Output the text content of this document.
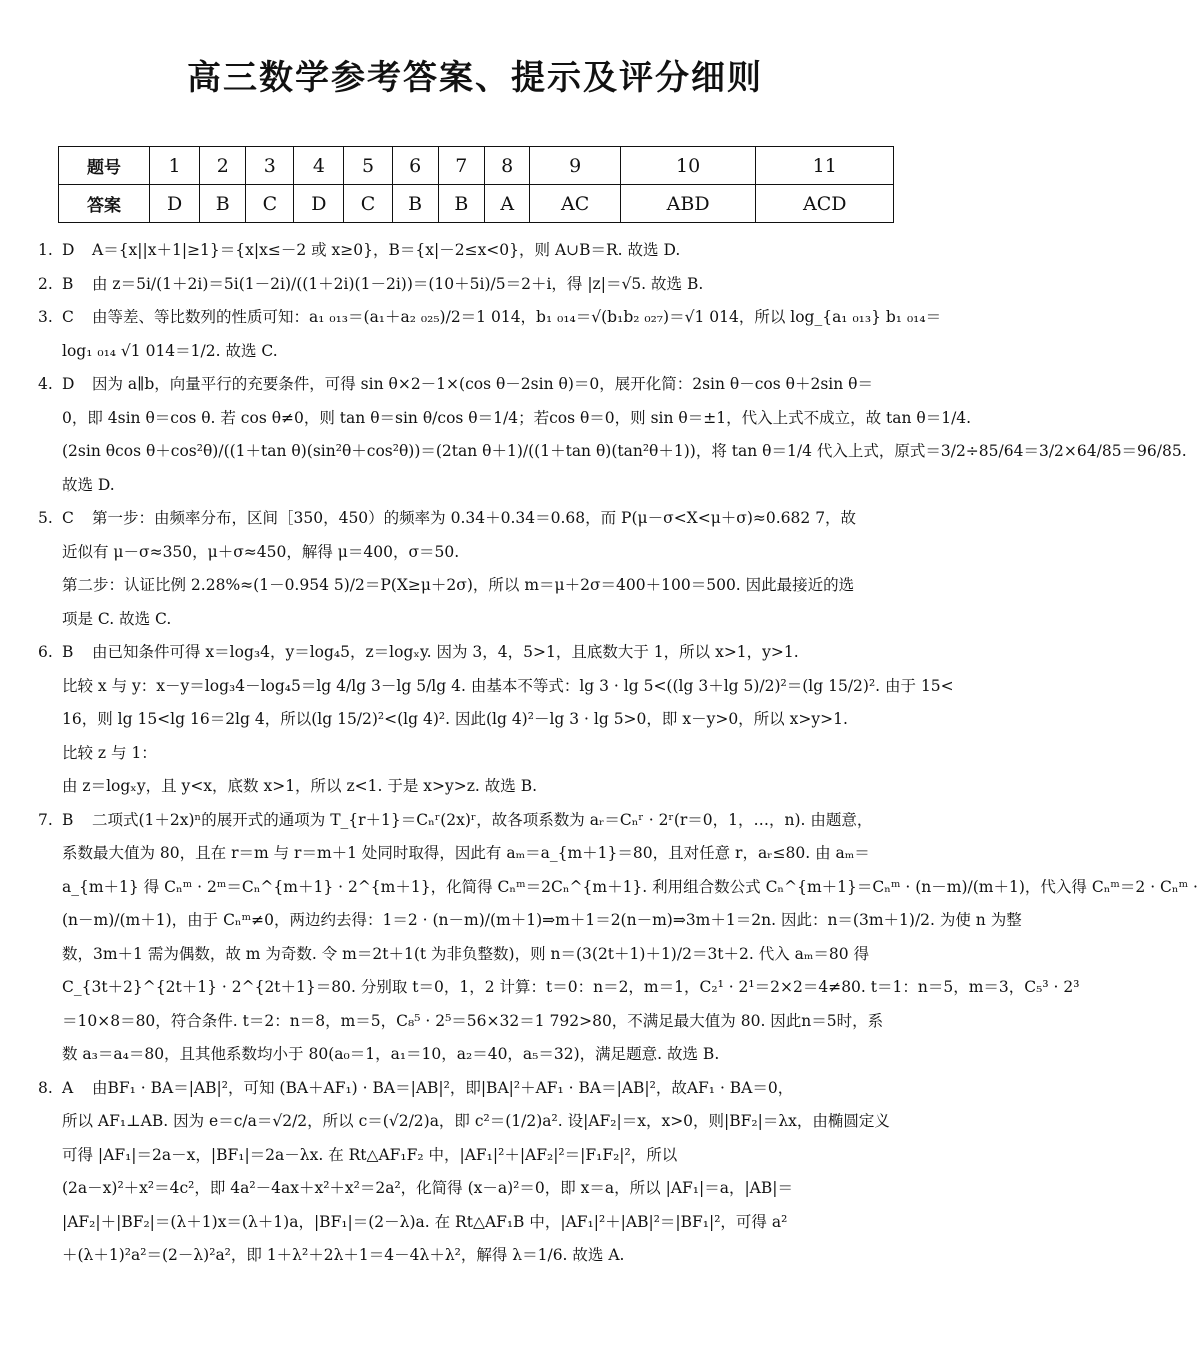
高三数学参考答案、提示及评分细则
题号	1	2	3	4	5	6	7	8	9	10	11
答案	D	B	C	D	C	B	B	A	AC	ABD	ACD
1. D A＝{x||x＋1|≥1}＝{x|x≤－2 或 x≥0}，B＝{x|－2≤x<0}，则 A∪B＝R. 故选 D.
2. B 由 z＝5i/(1＋2i)＝5i(1－2i)/((1＋2i)(1－2i))＝(10＋5i)/5＝2＋i，得 |z|＝√5. 故选 B.
3. C 由等差、等比数列的性质可知：a₁ ₀₁₃＝(a₁＋a₂ ₀₂₅)/2＝1 014，b₁ ₀₁₄＝√(b₁b₂ ₀₂₇)＝√1 014，所以 log_{a₁ ₀₁₃} b₁ ₀₁₄＝
log₁ ₀₁₄ √1 014＝1/2. 故选 C.
4. D 因为 a∥b，向量平行的充要条件，可得 sin θ×2－1×(cos θ－2sin θ)＝0，展开化简：2sin θ－cos θ＋2sin θ＝
0，即 4sin θ＝cos θ. 若 cos θ≠0，则 tan θ＝sin θ/cos θ＝1/4；若cos θ＝0，则 sin θ＝±1，代入上式不成立，故 tan θ＝1/4.
(2sin θcos θ＋cos²θ)/((1＋tan θ)(sin²θ＋cos²θ))＝(2tan θ＋1)/((1＋tan θ)(tan²θ＋1))，将 tan θ＝1/4 代入上式，原式＝3/2÷85/64＝3/2×64/85＝96/85.
故选 D.
5. C 第一步：由频率分布，区间［350，450）的频率为 0.34＋0.34＝0.68，而 P(μ－σ<X<μ＋σ)≈0.682 7，故
近似有 μ－σ≈350，μ＋σ≈450，解得 μ＝400，σ＝50.
第二步：认证比例 2.28%≈(1－0.954 5)/2＝P(X≥μ＋2σ)，所以 m＝μ＋2σ＝400＋100＝500. 因此最接近的选
项是 C. 故选 C.
6. B 由已知条件可得 x＝log₃4，y＝log₄5，z＝logₓy. 因为 3，4，5>1，且底数大于 1，所以 x>1，y>1.
比较 x 与 y：x－y＝log₃4－log₄5＝lg 4/lg 3－lg 5/lg 4. 由基本不等式：lg 3 · lg 5<((lg 3＋lg 5)/2)²＝(lg 15/2)². 由于 15<
16，则 lg 15<lg 16＝2lg 4，所以(lg 15/2)²<(lg 4)². 因此(lg 4)²－lg 3 · lg 5>0，即 x－y>0，所以 x>y>1.
比较 z 与 1：
由 z＝logₓy，且 y<x，底数 x>1，所以 z<1. 于是 x>y>z. 故选 B.
7. B 二项式(1＋2x)ⁿ的展开式的通项为 T_{r＋1}＝Cₙʳ(2x)ʳ，故各项系数为 aᵣ＝Cₙʳ · 2ʳ(r＝0，1，…，n). 由题意，
系数最大值为 80，且在 r＝m 与 r＝m＋1 处同时取得，因此有 aₘ＝a_{m＋1}＝80，且对任意 r，aᵣ≤80. 由 aₘ＝
a_{m＋1} 得 Cₙᵐ · 2ᵐ＝Cₙ^{m＋1} · 2^{m＋1}，化简得 Cₙᵐ＝2Cₙ^{m＋1}. 利用组合数公式 Cₙ^{m＋1}＝Cₙᵐ · (n－m)/(m＋1)，代入得 Cₙᵐ＝2 · Cₙᵐ ·
(n－m)/(m＋1)，由于 Cₙᵐ≠0，两边约去得：1＝2 · (n－m)/(m＋1)⇒m＋1＝2(n－m)⇒3m＋1＝2n. 因此：n＝(3m＋1)/2. 为使 n 为整
数，3m＋1 需为偶数，故 m 为奇数. 令 m＝2t＋1(t 为非负整数)，则 n＝(3(2t＋1)＋1)/2＝3t＋2. 代入 aₘ＝80 得
C_{3t＋2}^{2t＋1} · 2^{2t＋1}＝80. 分别取 t＝0，1，2 计算：t＝0：n＝2，m＝1，C₂¹ · 2¹＝2×2＝4≠80. t＝1：n＝5，m＝3，C₅³ · 2³
＝10×8＝80，符合条件. t＝2：n＝8，m＝5，C₈⁵ · 2⁵＝56×32＝1 792>80，不满足最大值为 80. 因此n＝5时，系
数 a₃＝a₄＝80，且其他系数均小于 80(a₀＝1，a₁＝10，a₂＝40，a₅＝32)，满足题意. 故选 B.
8. A 由BF₁ · BA＝|AB|²，可知 (BA＋AF₁) · BA＝|AB|²，即|BA|²＋AF₁ · BA＝|AB|²，故AF₁ · BA＝0，
所以 AF₁⊥AB. 因为 e＝c/a＝√2/2，所以 c＝(√2/2)a，即 c²＝(1/2)a². 设|AF₂|＝x，x>0，则|BF₂|＝λx，由椭圆定义
可得 |AF₁|＝2a－x，|BF₁|＝2a－λx. 在 Rt△AF₁F₂ 中，|AF₁|²＋|AF₂|²＝|F₁F₂|²，所以
(2a－x)²＋x²＝4c²，即 4a²－4ax＋x²＋x²＝2a²，化简得 (x－a)²＝0，即 x＝a，所以 |AF₁|＝a，|AB|＝
|AF₂|＋|BF₂|＝(λ＋1)x＝(λ＋1)a，|BF₁|＝(2－λ)a. 在 Rt△AF₁B 中，|AF₁|²＋|AB|²＝|BF₁|²，可得 a²
＋(λ＋1)²a²＝(2－λ)²a²，即 1＋λ²＋2λ＋1＝4－4λ＋λ²，解得 λ＝1/6. 故选 A.
